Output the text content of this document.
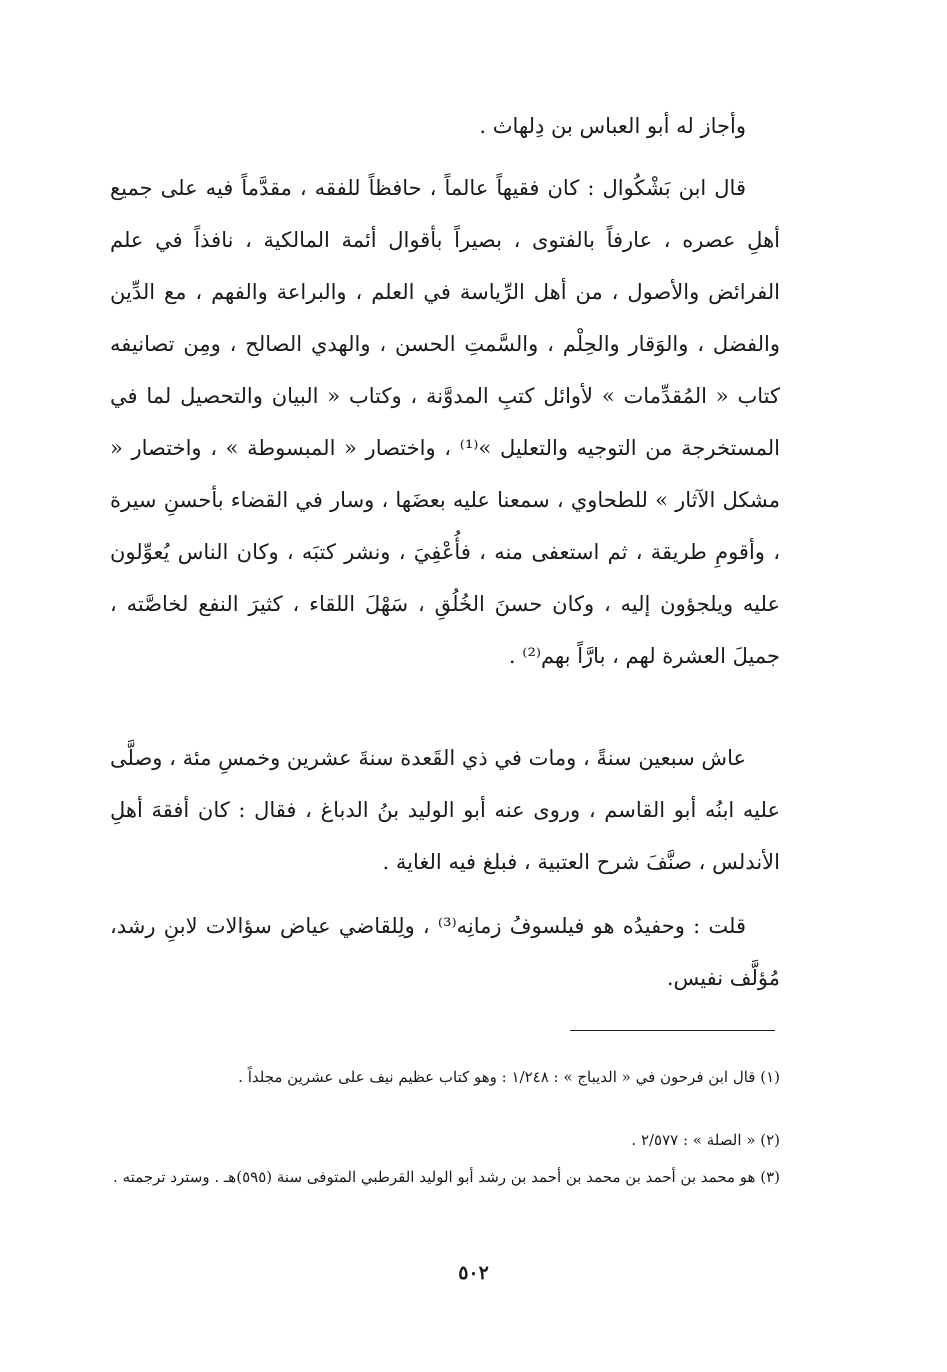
وأجاز له أبو العباس بن دِلهاث .

قال ابن بَشْكُوال : كان فقيهاً عالماً ، حافظاً للفقه ، مقدَّماً فيه على جميع أهلِ عصره ، عارفاً بالفتوى ، بصيراً بأقوال أئمة المالكية ، نافذاً في علم الفرائض والأصول ، من أهل الرِّياسة في العلم ، والبراعة والفهم ، مع الدِّين والفضل ، والوَقار والحِلْم ، والسَّمتِ الحسن ، والهدي الصالح ، ومِن تصانيفه كتاب « المُقدِّمات » لأوائل كتبِ المدوَّنة ، وكتاب « البيان والتحصيل لما في المستخرجة من التوجيه والتعليل »⁽¹⁾ ، واختصار « المبسوطة » ، واختصار « مشكل الآثار » للطحاوي ، سمعنا عليه بعضَها ، وسار في القضاء بأحسنِ سيرة ، وأقومِ طريقة ، ثم استعفى منه ، فأُعْفِيَ ، ونشر كتبَه ، وكان الناس يُعوِّلون عليه ويلجؤون إليه ، وكان حسنَ الخُلُقِ ، سَهْلَ اللقاء ، كثيرَ النفع لخاصَّته ، جميلَ العشرة لهم ، بارَّاً بهم⁽²⁾ .

عاش سبعين سنةً ، ومات في ذي القَعدة سنةَ عشرين وخمسِ مئة ، وصلَّى عليه ابنُه أبو القاسم ، وروى عنه أبو الوليد بنُ الدباغ ، فقال : كان أفقهَ أهلِ الأندلس ، صنَّفَ شرح العتبية ، فبلغ فيه الغاية .

قلت : وحفيدُه هو فيلسوفُ زمانِه⁽³⁾ ، ولِلقاضي عياض سؤالات لابنِ رشد، مُؤلَّف نفيس.

(١) قال ابن فرحون في « الديباج » : ١/٢٤٨ : وهو كتاب عظيم نيف على عشرين مجلداً .

(٢) « الصلة » : ٢/٥٧٧ .

(٣) هو محمد بن أحمد بن محمد بن أحمد بن رشد أبو الوليد القرطبي المتوفى سنة (٥٩٥)هـ . وسترد ترجمته .

٥٠٢
